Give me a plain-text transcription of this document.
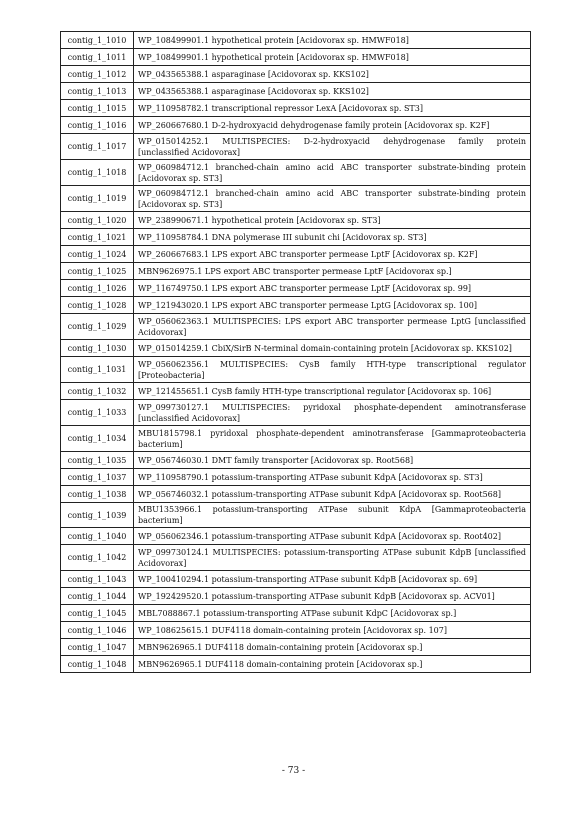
contig_1_1010	WP_108499901.1 hypothetical protein [Acidovorax sp. HMWF018]
contig_1_1011	WP_108499901.1 hypothetical protein [Acidovorax sp. HMWF018]
contig_1_1012	WP_043565388.1 asparaginase [Acidovorax sp. KKS102]
contig_1_1013	WP_043565388.1 asparaginase [Acidovorax sp. KKS102]
contig_1_1015	WP_110958782.1 transcriptional repressor LexA [Acidovorax sp. ST3]
contig_1_1016	WP_260667680.1 D-2-hydroxyacid dehydrogenase family protein [Acidovorax sp. K2F]
contig_1_1017	WP_015014252.1 MULTISPECIES: D-2-hydroxyacid dehydrogenase family protein [unclassified Acidovorax]
contig_1_1018	WP_060984712.1 branched-chain amino acid ABC transporter substrate-binding protein [Acidovorax sp. ST3]
contig_1_1019	WP_060984712.1 branched-chain amino acid ABC transporter substrate-binding protein [Acidovorax sp. ST3]
contig_1_1020	WP_238990671.1 hypothetical protein [Acidovorax sp. ST3]
contig_1_1021	WP_110958784.1 DNA polymerase III subunit chi [Acidovorax sp. ST3]
contig_1_1024	WP_260667683.1 LPS export ABC transporter permease LptF [Acidovorax sp. K2F]
contig_1_1025	MBN9626975.1 LPS export ABC transporter permease LptF [Acidovorax sp.]
contig_1_1026	WP_116749750.1 LPS export ABC transporter permease LptF [Acidovorax sp. 99]
contig_1_1028	WP_121943020.1 LPS export ABC transporter permease LptG [Acidovorax sp. 100]
contig_1_1029	WP_056062363.1 MULTISPECIES: LPS export ABC transporter permease LptG [unclassified Acidovorax]
contig_1_1030	WP_015014259.1 CbiX/SirB N-terminal domain-containing protein [Acidovorax sp. KKS102]
contig_1_1031	WP_056062356.1 MULTISPECIES: CysB family HTH-type transcriptional regulator [Proteobacteria]
contig_1_1032	WP_121455651.1 CysB family HTH-type transcriptional regulator [Acidovorax sp. 106]
contig_1_1033	WP_099730127.1 MULTISPECIES: pyridoxal phosphate-dependent aminotransferase [unclassified Acidovorax]
contig_1_1034	MBU1815798.1 pyridoxal phosphate-dependent aminotransferase [Gammaproteobacteria bacterium]
contig_1_1035	WP_056746030.1 DMT family transporter [Acidovorax sp. Root568]
contig_1_1037	WP_110958790.1 potassium-transporting ATPase subunit KdpA [Acidovorax sp. ST3]
contig_1_1038	WP_056746032.1 potassium-transporting ATPase subunit KdpA [Acidovorax sp. Root568]
contig_1_1039	MBU1353966.1 potassium-transporting ATPase subunit KdpA [Gammaproteobacteria bacterium]
contig_1_1040	WP_056062346.1 potassium-transporting ATPase subunit KdpA [Acidovorax sp. Root402]
contig_1_1042	WP_099730124.1 MULTISPECIES: potassium-transporting ATPase subunit KdpB [unclassified Acidovorax]
contig_1_1043	WP_100410294.1 potassium-transporting ATPase subunit KdpB [Acidovorax sp. 69]
contig_1_1044	WP_192429520.1 potassium-transporting ATPase subunit KdpB [Acidovorax sp. ACV01]
contig_1_1045	MBL7088867.1 potassium-transporting ATPase subunit KdpC [Acidovorax sp.]
contig_1_1046	WP_108625615.1 DUF4118 domain-containing protein [Acidovorax sp. 107]
contig_1_1047	MBN9626965.1 DUF4118 domain-containing protein [Acidovorax sp.]
contig_1_1048	MBN9626965.1 DUF4118 domain-containing protein [Acidovorax sp.]
- 73 -
